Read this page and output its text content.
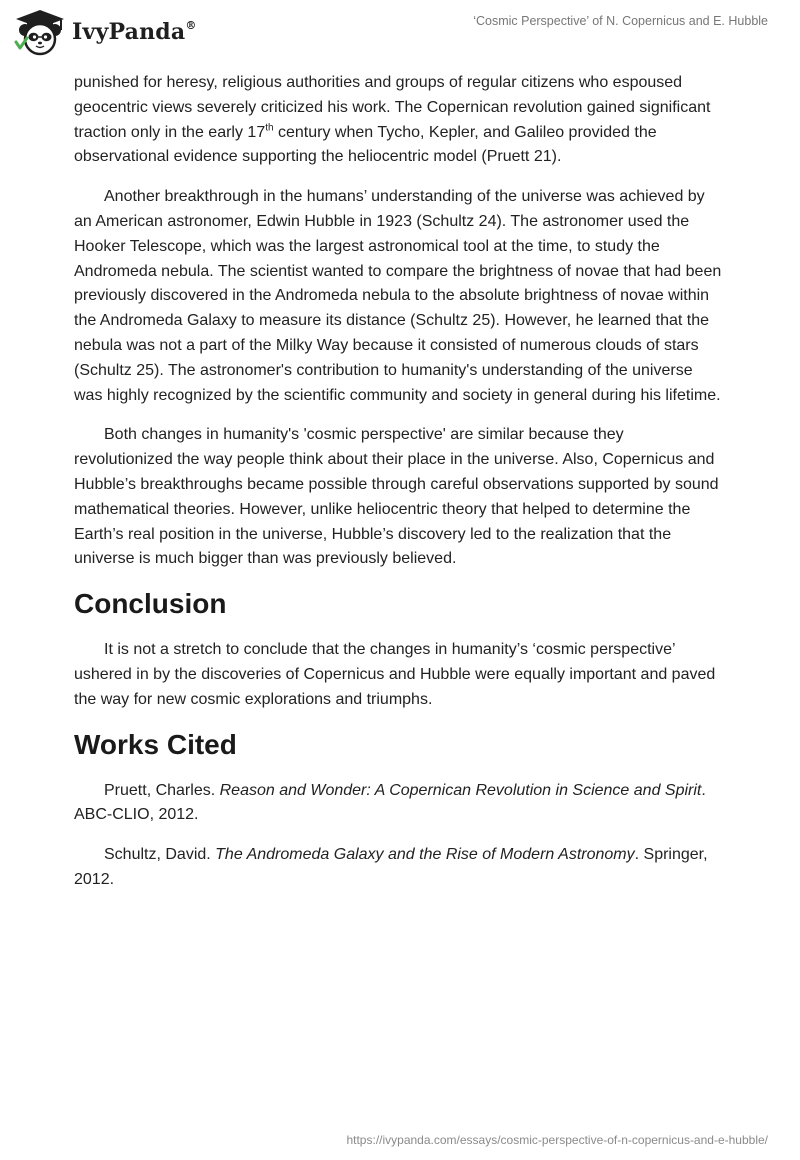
IvyPanda®	‘Cosmic Perspective’ of N. Copernicus and E. Hubble

punished for heresy, religious authorities and groups of regular citizens who espoused geocentric views severely criticized his work. The Copernican revolution gained significant traction only in the early 17th century when Tycho, Kepler, and Galileo provided the observational evidence supporting the heliocentric model (Pruett 21).

Another breakthrough in the humans’ understanding of the universe was achieved by an American astronomer, Edwin Hubble in 1923 (Schultz 24). The astronomer used the Hooker Telescope, which was the largest astronomical tool at the time, to study the Andromeda nebula. The scientist wanted to compare the brightness of novae that had been previously discovered in the Andromeda nebula to the absolute brightness of novae within the Andromeda Galaxy to measure its distance (Schultz 25). However, he learned that the nebula was not a part of the Milky Way because it consisted of numerous clouds of stars (Schultz 25). The astronomer's contribution to humanity's understanding of the universe was highly recognized by the scientific community and society in general during his lifetime.

Both changes in humanity's 'cosmic perspective' are similar because they revolutionized the way people think about their place in the universe. Also, Copernicus and Hubble’s breakthroughs became possible through careful observations supported by sound mathematical theories. However, unlike heliocentric theory that helped to determine the Earth’s real position in the universe, Hubble’s discovery led to the realization that the universe is much bigger than was previously believed.

Conclusion

It is not a stretch to conclude that the changes in humanity’s ‘cosmic perspective’ ushered in by the discoveries of Copernicus and Hubble were equally important and paved the way for new cosmic explorations and triumphs.

Works Cited

Pruett, Charles. Reason and Wonder: A Copernican Revolution in Science and Spirit. ABC-CLIO, 2012.

Schultz, David. The Andromeda Galaxy and the Rise of Modern Astronomy. Springer, 2012.

https://ivypanda.com/essays/cosmic-perspective-of-n-copernicus-and-e-hubble/
